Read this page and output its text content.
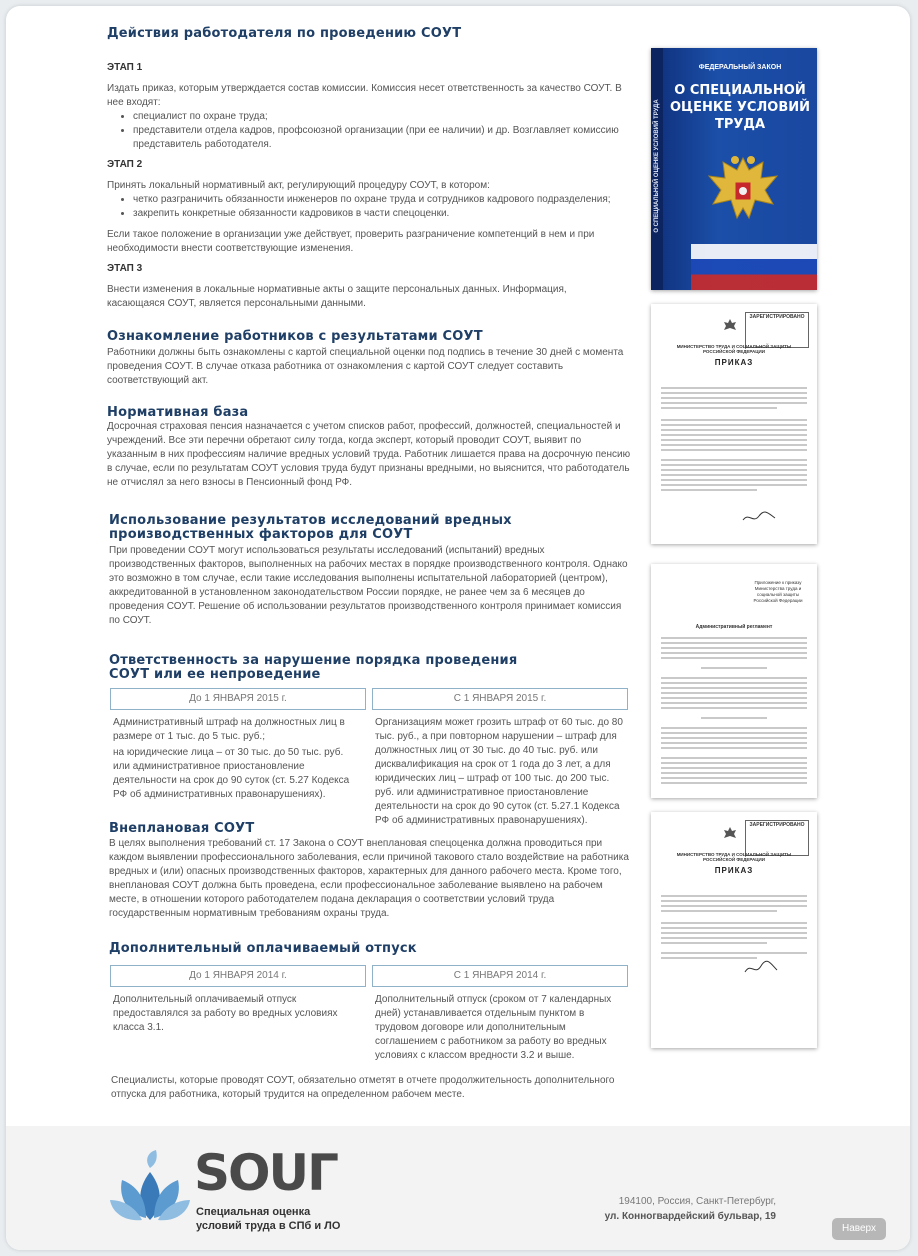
Действия работодателя по проведению СОУТ

ЭТАП 1

Издать приказ, которым утверждается состав комиссии. Комиссия несет ответственность за качество СОУТ. В нее входят:

• специалист по охране труда;
• представители отдела кадров, профсоюзной организации (при ее наличии) и др. Возглавляет комиссию представитель работодателя.

ЭТАП 2

Принять локальный нормативный акт, регулирующий процедуру СОУТ, в котором:

• четко разграничить обязанности инженеров по охране труда и сотрудников кадрового подразделения;
• закрепить конкретные обязанности кадровиков в части спецоценки.

Если такое положение в организации уже действует, проверить разграничение компетенций в нем и при необходимости внести соответствующие изменения.

ЭТАП 3

Внести изменения в локальные нормативные акты о защите персональных данных. Информация, касающаяся СОУТ, является персональными данными.

Ознакомление работников с результатами СОУТ

Работники должны быть ознакомлены с картой специальной оценки под подпись в течение 30 дней с момента проведения СОУТ. В случае отказа работника от ознакомления с картой СОУТ следует составить соответствующий акт.

Нормативная база

Досрочная страховая пенсия назначается с учетом списков работ, профессий, должностей, специальностей и учреждений. Все эти перечни обретают силу тогда, когда эксперт, который проводит СОУТ, выявит по указанным в них профессиям наличие вредных условий труда. Работник лишается права на досрочную пенсию в случае, если по результатам СОУТ условия труда будут признаны вредными, но выяснится, что работодатель не отчислял за него взносы в Пенсионный фонд РФ.

Использование результатов исследований вредных производственных факторов для СОУТ

При проведении СОУТ могут использоваться результаты исследований (испытаний) вредных производственных факторов, выполненных на рабочих местах в порядке производственного контроля. Однако это возможно в том случае, если такие исследования выполнены испытательной лабораторией (центром), аккредитованной в установленном законодательством России порядке, не ранее чем за 6 месяцев до проведения СОУТ. Решение об использовании результатов производственного контроля принимает комиссия по СОУТ.

Ответственность за нарушение порядка проведения СОУТ или ее непроведение
До 1 ЯНВАРЯ 2015 г.	С 1 ЯНВАРЯ 2015 г.
Административный штраф на должностных лиц в размере от 1 тыс. до 5 тыс. руб.;
на юридические лица – от 30 тыс. до 50 тыс. руб. или административное приостановление деятельности на срок до 90 суток (ст. 5.27 Кодекса РФ об административных правонарушениях).
Организациям может грозить штраф от 60 тыс. до 80 тыс. руб., а при повторном нарушении – штраф для должностных лиц от 30 тыс. до 40 тыс. руб. или дисквалификация на срок от 1 года до 3 лет, а для юридических лиц – штраф от 100 тыс. до 200 тыс. руб. или административное приостановление деятельности на срок до 90 суток (ст. 5.27.1 Кодекса РФ об административных правонарушениях).
Внеплановая СОУТ

В целях выполнения требований ст. 17 Закона о СОУТ внеплановая спецоценка должна проводиться при каждом выявлении профессионального заболевания, если причиной такового стало воздействие на работника вредных и (или) опасных производственных факторов, характерных для данного рабочего места. Кроме того, внеплановая СОУТ должна быть проведена, если профессиональное заболевание выявлено на рабочем месте, в отношении которого работодателем подана декларация о соответствии условий труда государственным нормативным требованиям охраны труда.

Дополнительный оплачиваемый отпуск
До 1 ЯНВАРЯ 2014 г.	С 1 ЯНВАРЯ 2014 г.
Дополнительный оплачиваемый отпуск предоставлялся за работу во вредных условиях класса 3.1.
Дополнительный отпуск (сроком от 7 календарных дней) устанавливается отдельным пунктом в трудовом договоре или дополнительным соглашением с работником за работу во вредных условиях с классом вредности 3.2 и выше.

Специалисты, которые проводят СОУТ, обязательно отметят в отчете продолжительность дополнительного отпуска для работника, который трудится на определенном рабочем месте.

О СПЕЦИАЛЬНОЙ ОЦЕНКЕ УСЛОВИЙ ТРУДА
ФЕДЕРАЛЬНЫЙ ЗАКОН
О СПЕЦИАЛЬНОЙ ОЦЕНКЕ УСЛОВИЙ ТРУДА
ЗАРЕГИСТРИРОВАНО
МИНИСТЕРСТВО ТРУДА И СОЦИАЛЬНОЙ ЗАЩИТЫ РОССИЙСКОЙ ФЕДЕРАЦИИ
ПРИКАЗ
Приложение к приказу Министерства труда и социальной защиты Российской Федерации
Административный регламент
ЗАРЕГИСТРИРОВАНО
МИНИСТЕРСТВО ТРУДА И СОЦИАЛЬНОЙ ЗАЩИТЫ РОССИЙСКОЙ ФЕДЕРАЦИИ
ПРИКАЗ
SOUГ
Специальная оценка
условий труда в СПб и ЛО
194100, Россия, Санкт-Петербург,
ул. Конногвардейский бульвар, 19
Наверх
